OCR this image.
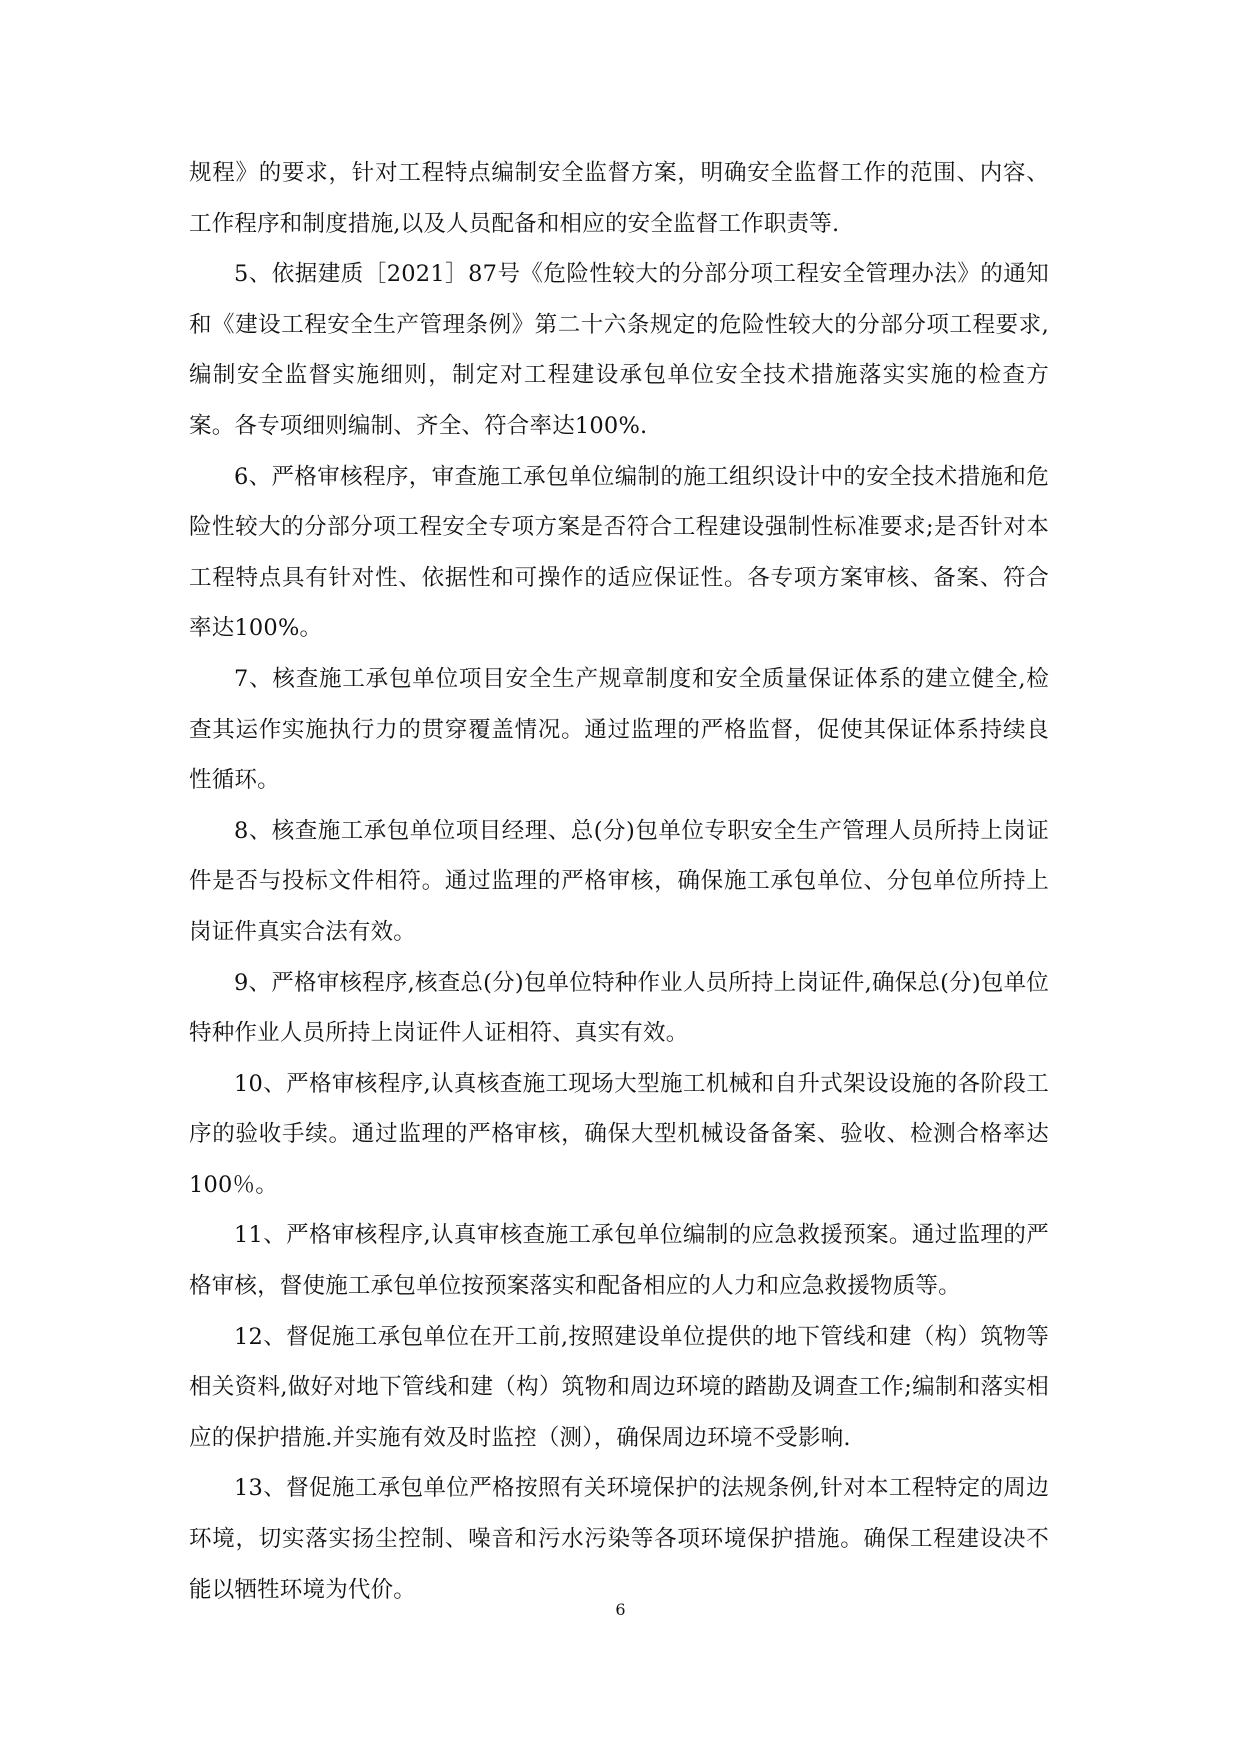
规程》的要求，针对工程特点编制安全监督方案，明确安全监督工作的范围、内容、工作程序和制度措施,以及人员配备和相应的安全监督工作职责等.

5、依据建质［2021］87号《危险性较大的分部分项工程安全管理办法》的通知和《建设工程安全生产管理条例》第二十六条规定的危险性较大的分部分项工程要求,编制安全监督实施细则，制定对工程建设承包单位安全技术措施落实实施的检查方案。各专项细则编制、齐全、符合率达100%.

6、严格审核程序，审查施工承包单位编制的施工组织设计中的安全技术措施和危险性较大的分部分项工程安全专项方案是否符合工程建设强制性标准要求;是否针对本工程特点具有针对性、依据性和可操作的适应保证性。各专项方案审核、备案、符合率达100%。

7、核查施工承包单位项目安全生产规章制度和安全质量保证体系的建立健全,检查其运作实施执行力的贯穿覆盖情况。通过监理的严格监督，促使其保证体系持续良性循环。

8、核查施工承包单位项目经理、总(分)包单位专职安全生产管理人员所持上岗证件是否与投标文件相符。通过监理的严格审核，确保施工承包单位、分包单位所持上岗证件真实合法有效。

9、严格审核程序,核查总(分)包单位特种作业人员所持上岗证件,确保总(分)包单位特种作业人员所持上岗证件人证相符、真实有效。

10、严格审核程序,认真核查施工现场大型施工机械和自升式架设设施的各阶段工序的验收手续。通过监理的严格审核，确保大型机械设备备案、验收、检测合格率达100％。

11、严格审核程序,认真审核查施工承包单位编制的应急救援预案。通过监理的严格审核，督使施工承包单位按预案落实和配备相应的人力和应急救援物质等。

12、督促施工承包单位在开工前,按照建设单位提供的地下管线和建（构）筑物等相关资料,做好对地下管线和建（构）筑物和周边环境的踏勘及调查工作;编制和落实相应的保护措施.并实施有效及时监控（测），确保周边环境不受影响.

13、督促施工承包单位严格按照有关环境保护的法规条例,针对本工程特定的周边环境，切实落实扬尘控制、噪音和污水污染等各项环境保护措施。确保工程建设决不能以牺牲环境为代价。

6
